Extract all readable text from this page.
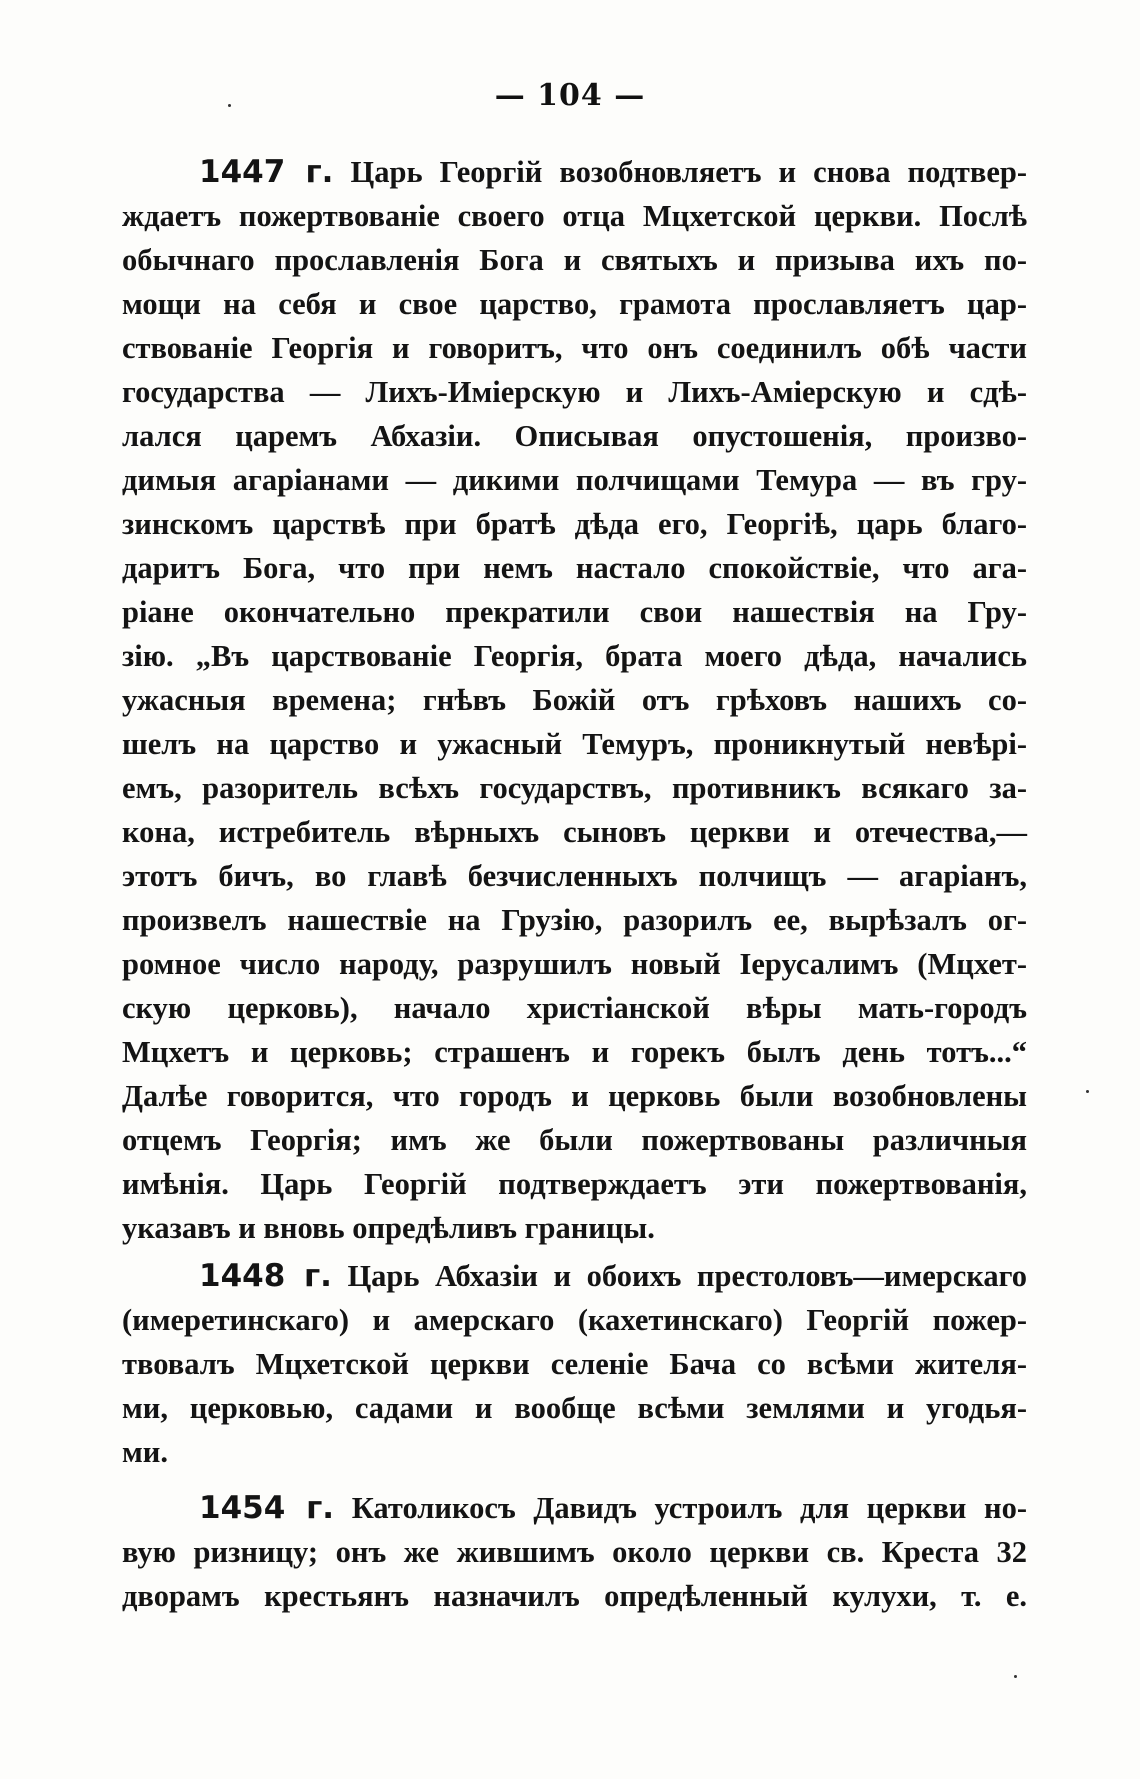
— 104 —
1447 г. Царь Георгій возобновляетъ и снова подтвер-
ждаетъ пожертвованіе своего отца Мцхетской церкви. Послѣ
обычнаго прославленія Бога и святыхъ и призыва ихъ по-
мощи на себя и свое царство, грамота прославляетъ цар-
ствованіе Георгія и говоритъ, что онъ соединилъ обѣ части
государства — Лихъ-Иміерскую и Лихъ-Аміерскую и сдѣ-
лался царемъ Абхазіи. Описывая опустошенія, произво-
димыя агаріанами — дикими полчищами Темура — въ гру-
зинскомъ царствѣ при братѣ дѣда его, Георгіѣ, царь благо-
даритъ Бога, что при немъ настало спокойствіе, что ага-
ріане окончательно прекратили свои нашествія на Гру-
зію. „Въ царствованіе Георгія, брата моего дѣда, начались
ужасныя времена; гнѣвъ Божій отъ грѣховъ нашихъ со-
шелъ на царство и ужасный Темуръ, проникнутый невѣрі-
емъ, разоритель всѣхъ государствъ, противникъ всякаго за-
кона, истребитель вѣрныхъ сыновъ церкви и отечества,—
этотъ бичъ, во главѣ безчисленныхъ полчищъ — агаріанъ,
произвелъ нашествіе на Грузію, разорилъ ее, вырѣзалъ ог-
ромное число народу, разрушилъ новый Іерусалимъ (Мцхет-
скую церковь), начало христіанской вѣры мать-городъ
Мцхетъ и церковь; страшенъ и горекъ былъ день тотъ...“
Далѣе говорится, что городъ и церковь были возобновлены
отцемъ Георгія; имъ же были пожертвованы различныя
имѣнія. Царь Георгій подтверждаетъ эти пожертвованія,
указавъ и вновь опредѣливъ границы.
1448 г. Царь Абхазіи и обоихъ престоловъ—имерскаго
(имеретинскаго) и амерскаго (кахетинскаго) Георгій пожер-
твовалъ Мцхетской церкви селеніе Бача со всѣми жителя-
ми, церковью, садами и вообще всѣми землями и угодья-
ми.
1454 г. Католикосъ Давидъ устроилъ для церкви но-
вую ризницу; онъ же жившимъ около церкви св. Креста 32
дворамъ крестьянъ назначилъ опредѣленный кулухи, т. е.
